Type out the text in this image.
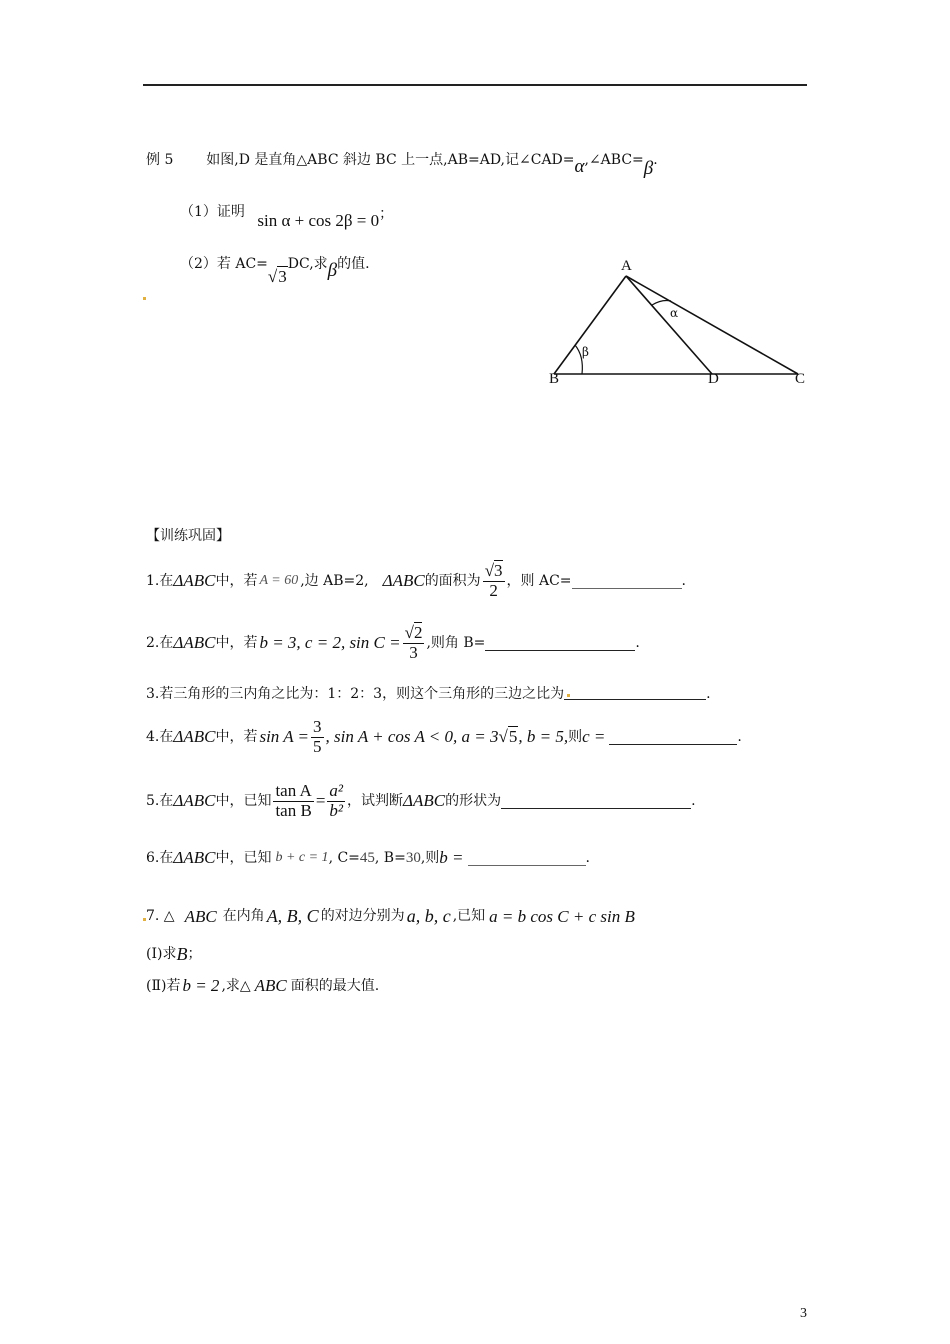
例 5 如图,D 是直角△ABC 斜边 BC 上一点,AB=AD,记∠CAD=α,∠ABC=β.
（1）证明 sin α + cos 2β = 0；
（2）若 AC=√3DC,求β的值.	A
B	D	C
α
β
【训练巩固】
1.在 ΔABC 中，若 A = 60 ,边 AB=2, ΔABC 的面积为 $\frac{√3}{2}$ ，则 AC=	.
2.在 ΔABC 中，若 b = 3, c = 2, $\sin C = \frac{√2}{3}$ ,则角 B=	.
3.若三角形的三内角之比为：1：2：3，则这个三角形的三边之比为	.
4.在 ΔABC 中，若 $\sin A = \frac{3}{5}$ , sin A + cos A < 0, a = 3 √5 , b = 5, 则 c =	.
5.在 ΔABC 中，已知 $\frac{\text{tan A}}{\text{tan B}} = \frac{\text{a²}}{\text{b²}}$ ，试判断 ΔABC 的形状为	.
6.在 ΔABC 中，已知 b + c = 1 , C= 45 , B= 30 ,则 b =	.
7. △ ABC 在内角 A, B, C 的对边分别为 a, b, c ,已知 a = b cos C + c sin B
(Ⅰ)求 B ；
(Ⅱ)若 b = 2 ,求△ ABC 面积的最大值.
3
